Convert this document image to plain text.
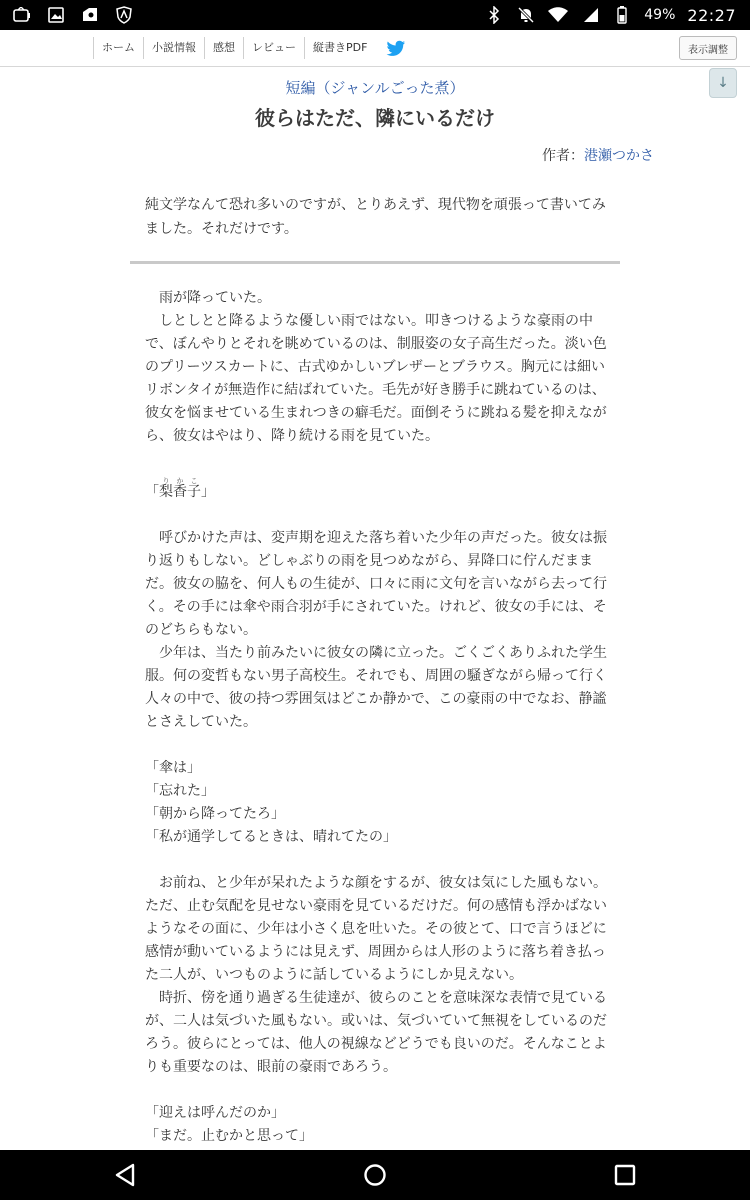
49% 22:27
ホーム	小説情報	感想	レビュー	縦書きPDF	表示調整
↓
短編（ジャンルごった煮）
彼らはただ、隣にいるだけ
作者：港瀬つかさ
純文学なんて恐れ多いのですが、とりあえず、現代物を頑張って書いてみました。それだけです。

　雨が降っていた。

　しとしとと降るような優しい雨ではない。叩きつけるような豪雨の中で、ぼんやりとそれを眺めているのは、制服姿の女子高生だった。淡い色のプリーツスカートに、古式ゆかしいブレザーとブラウス。胸元には細いリボンタイが無造作に結ばれていた。毛先が好き勝手に跳ねているのは、彼女を悩ませている生まれつきの癖毛だ。面倒そうに跳ねる髪を抑えながら、彼女はやはり、降り続ける雨を見ていた。

「梨香子りかこ」

　呼びかけた声は、変声期を迎えた落ち着いた少年の声だった。彼女は振り返りもしない。どしゃぶりの雨を見つめながら、昇降口に佇んだままだ。彼女の脇を、何人もの生徒が、口々に雨に文句を言いながら去って行く。その手には傘や雨合羽が手にされていた。けれど、彼女の手には、そのどちらもない。

　少年は、当たり前みたいに彼女の隣に立った。ごくごくありふれた学生服。何の変哲もない男子高校生。それでも、周囲の騒ぎながら帰って行く人々の中で、彼の持つ雰囲気はどこか静かで、この豪雨の中でなお、静謐とさえしていた。

「傘は」

「忘れた」

「朝から降ってたろ」

「私が通学してるときは、晴れてたの」

　お前ね、と少年が呆れたような顔をするが、彼女は気にした風もない。ただ、止む気配を見せない豪雨を見ているだけだ。何の感情も浮かばないようなその面に、少年は小さく息を吐いた。その彼とて、口で言うほどに感情が動いているようには見えず、周囲からは人形のように落ち着き払った二人が、いつものように話しているようにしか見えない。

　時折、傍を通り過ぎる生徒達が、彼らのことを意味深な表情で見ているが、二人は気づいた風もない。或いは、気づいていて無視をしているのだろう。彼らにとっては、他人の視線などどうでも良いのだ。そんなことよりも重要なのは、眼前の豪雨であろう。

「迎えは呼んだのか」

「まだ。止むかと思って」
